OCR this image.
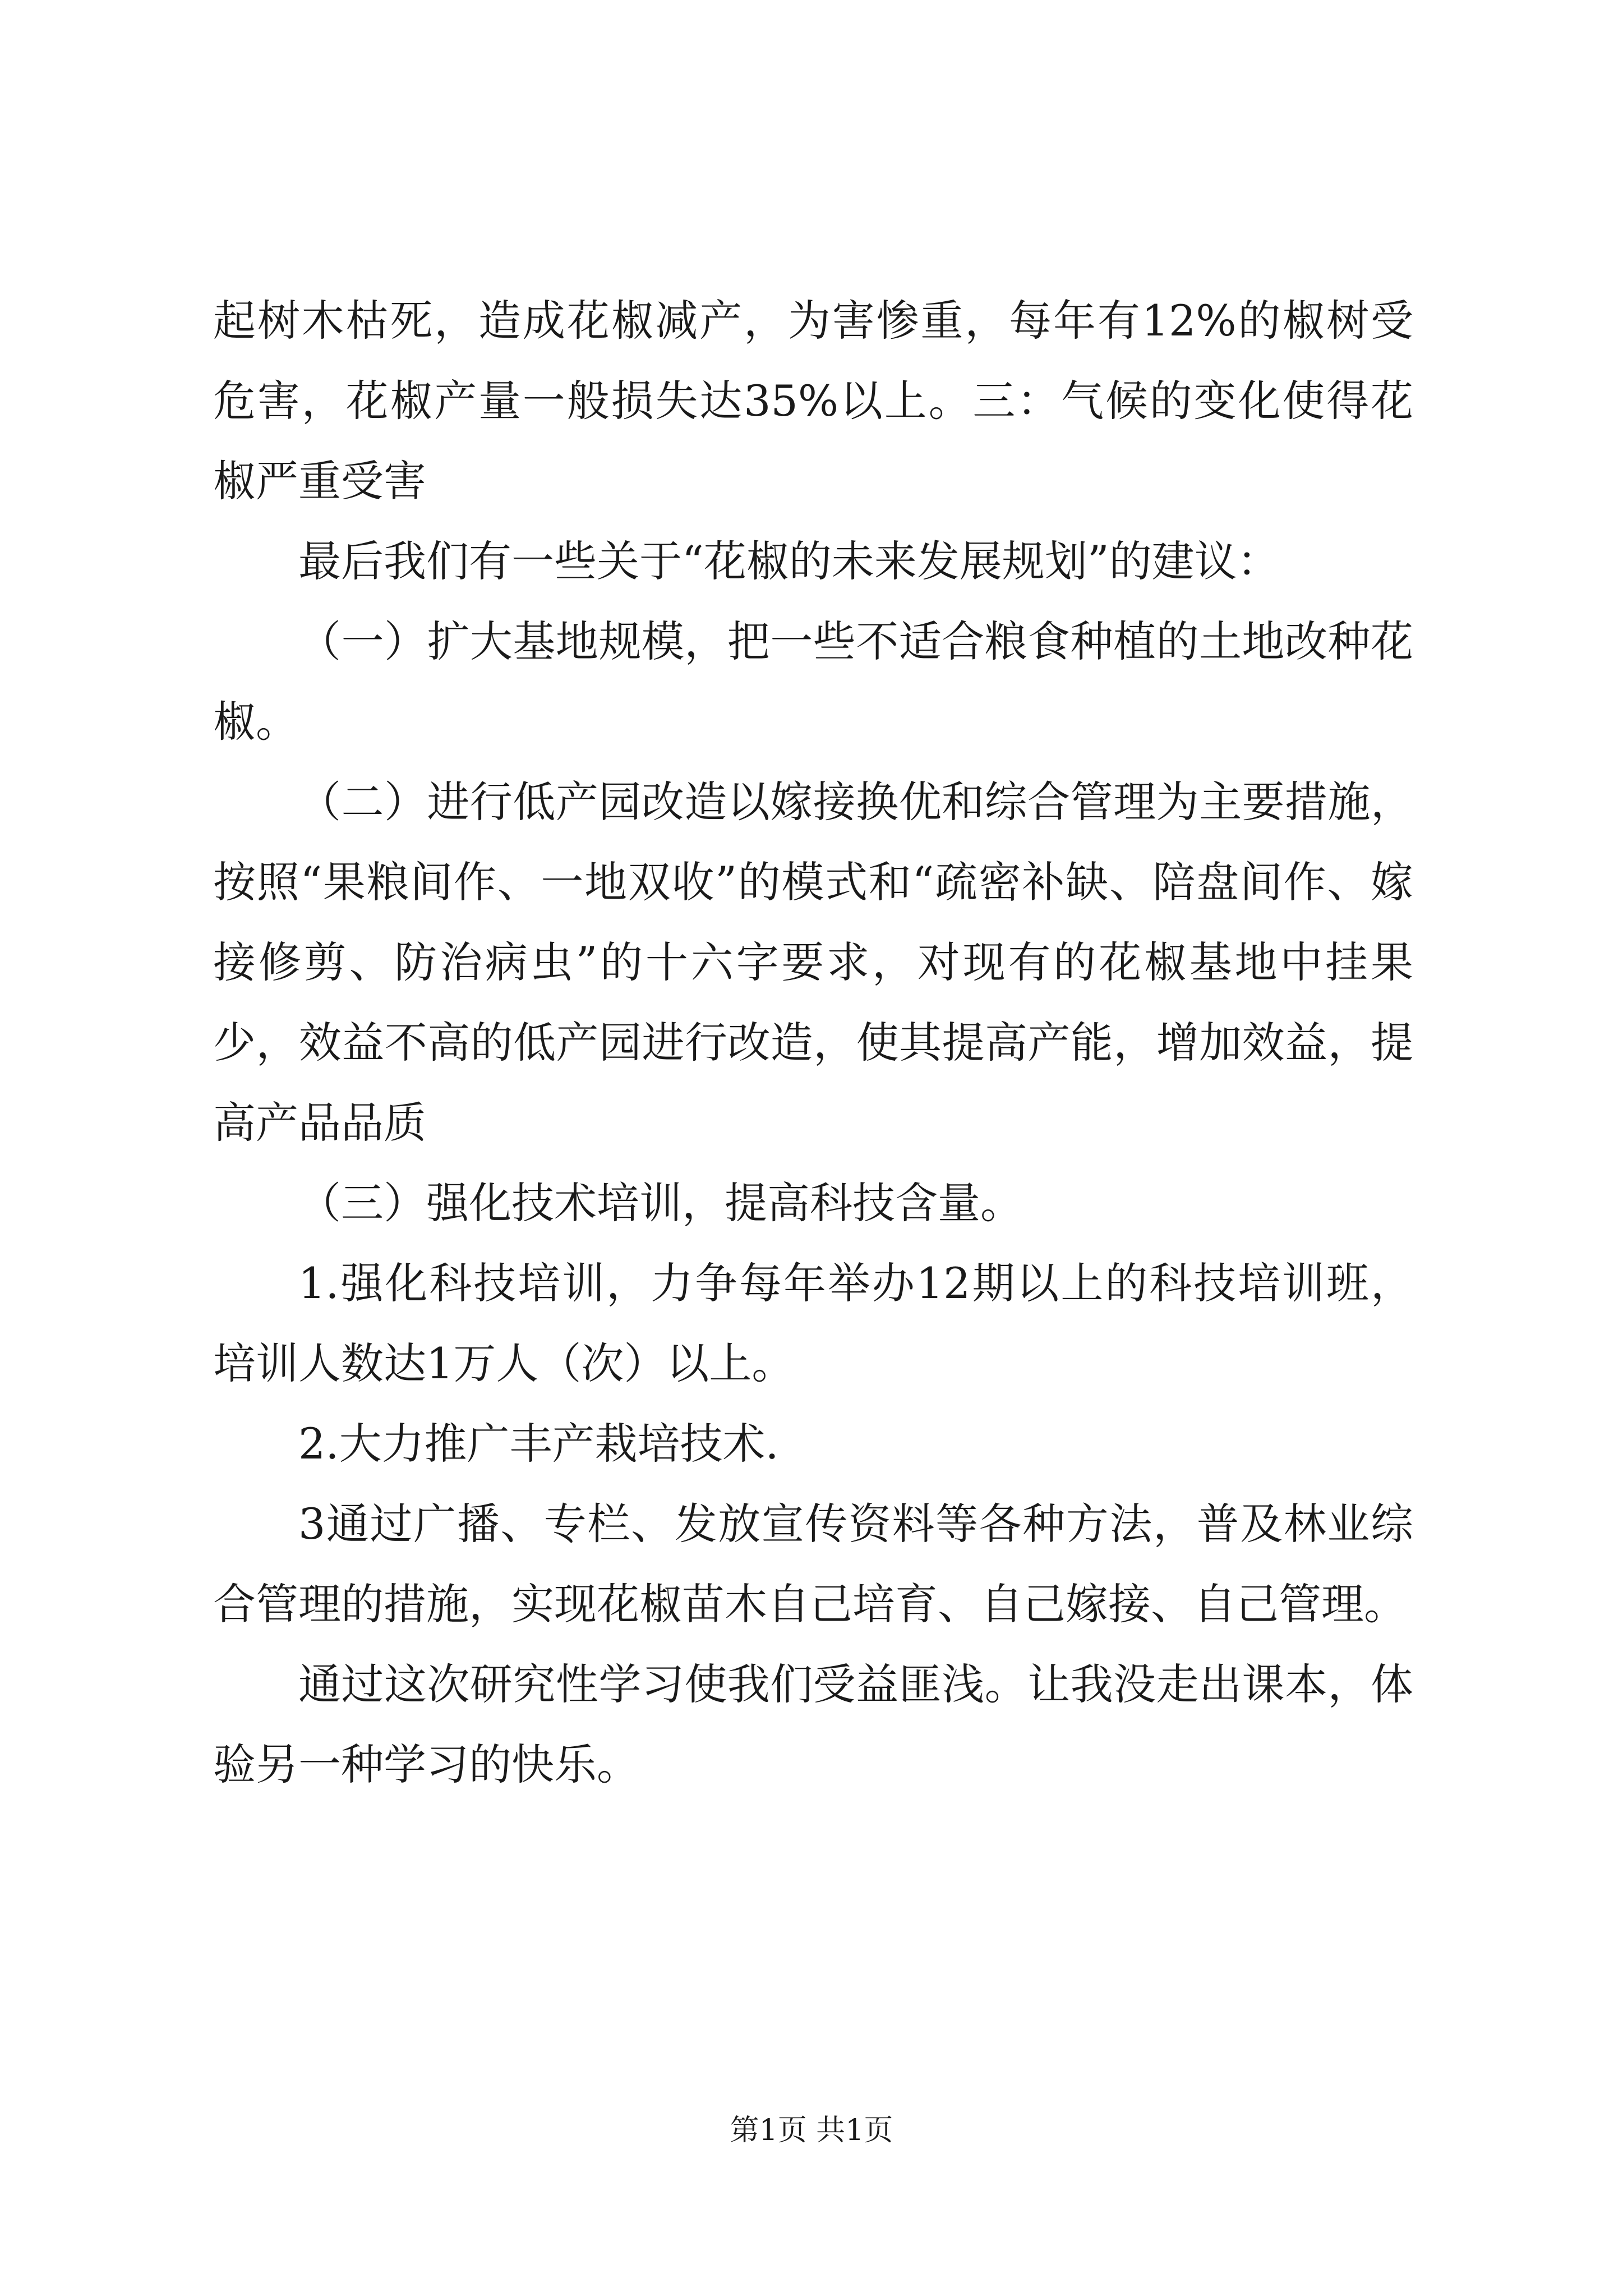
起树木枯死，造成花椒减产，为害惨重，每年有12%的椒树受危害，花椒产量一般损失达35%以上。三：气候的变化使得花椒严重受害

最后我们有一些关于“花椒的未来发展规划”的建议：

（一）扩大基地规模，把一些不适合粮食种植的土地改种花椒。

（二）进行低产园改造以嫁接换优和综合管理为主要措施，按照“果粮间作、一地双收”的模式和“疏密补缺、陪盘间作、嫁接修剪、防治病虫”的十六字要求，对现有的花椒基地中挂果少，效益不高的低产园进行改造，使其提高产能，增加效益，提高产品品质

（三）强化技术培训，提高科技含量。

1.强化科技培训，力争每年举办12期以上的科技培训班，培训人数达1万人（次）以上。

2.大力推广丰产栽培技术.

3通过广播、专栏、发放宣传资料等各种方法，普及林业综合管理的措施，实现花椒苗木自己培育、自己嫁接、自己管理。

通过这次研究性学习使我们受益匪浅。让我没走出课本，体验另一种学习的快乐。

第1页 共1页
